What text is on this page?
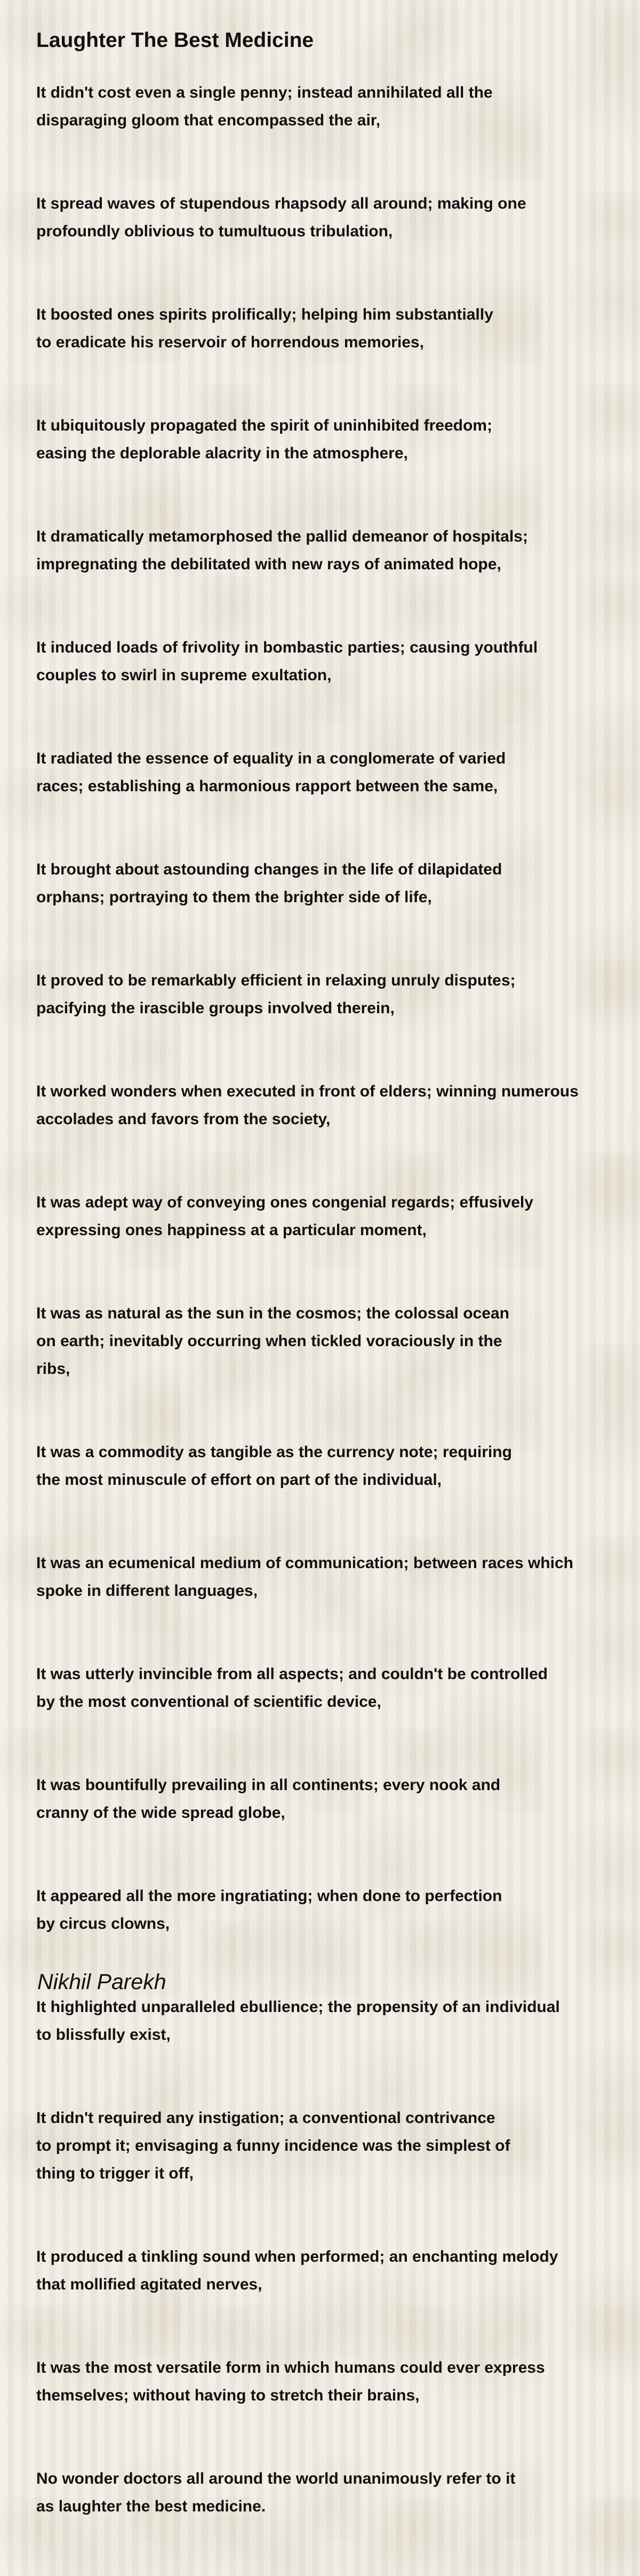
Laughter The Best Medicine

It didn't cost even a single penny; instead annihilated all the
disparaging gloom that encompassed the air,

It spread waves of stupendous rhapsody all around; making one
profoundly oblivious to tumultuous tribulation,

It boosted ones spirits prolifically; helping him substantially
to eradicate his reservoir of horrendous memories,

It ubiquitously propagated the spirit of uninhibited freedom;
easing the deplorable alacrity in the atmosphere,

It dramatically metamorphosed the pallid demeanor of hospitals;
impregnating the debilitated with new rays of animated hope,

It induced loads of frivolity in bombastic parties; causing youthful
couples to swirl in supreme exultation,

It radiated the essence of equality in a conglomerate of varied
races; establishing a harmonious rapport between the same,

It brought about astounding changes in the life of dilapidated
orphans; portraying to them the brighter side of life,

It proved to be remarkably efficient in relaxing unruly disputes;
pacifying the irascible groups involved therein,

It worked wonders when executed in front of elders; winning numerous
accolades and favors from the society,

It was adept way of conveying ones congenial regards; effusively
expressing ones happiness at a particular moment,

It was as natural as the sun in the cosmos; the colossal ocean
on earth; inevitably occurring when tickled voraciously in the
ribs,

It was a commodity as tangible as the currency note; requiring
the most minuscule of effort on part of the individual,

It was an ecumenical medium of communication; between races which
spoke in different languages,

It was utterly invincible from all aspects; and couldn't be controlled
by the most conventional of scientific device,

It was bountifully prevailing in all continents; every nook and
cranny of the wide spread globe,

It appeared all the more ingratiating; when done to perfection
by circus clowns,

It highlighted unparalleled ebullience; the propensity of an individual
to blissfully exist,

It didn't required any instigation; a conventional contrivance
to prompt it; envisaging a funny incidence was the simplest of
thing to trigger it off,

It produced a tinkling sound when performed; an enchanting melody
that mollified agitated nerves,

It was the most versatile form in which humans could ever express
themselves; without having to stretch their brains,

No wonder doctors all around the world unanimously refer to it
as laughter the best medicine.

Nikhil Parekh
